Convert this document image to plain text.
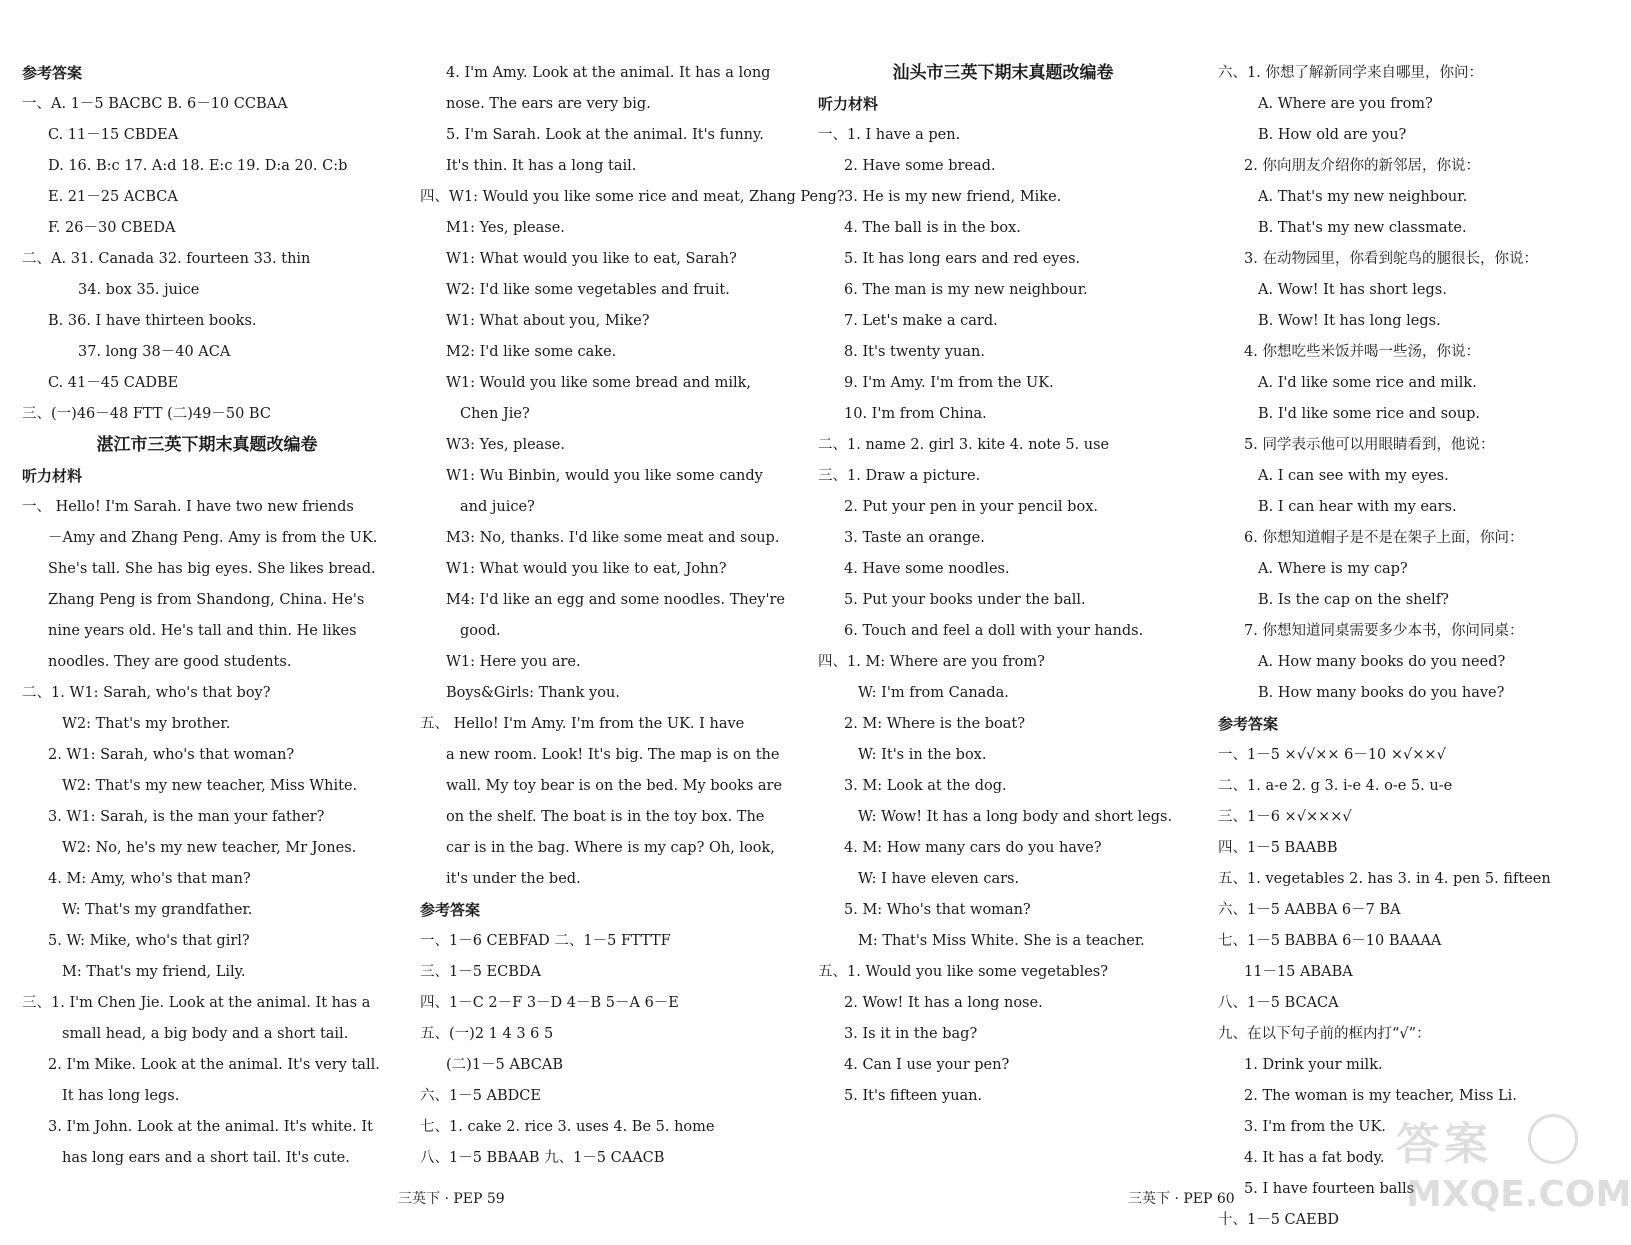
参考答案
一、A. 1－5 BACBC B. 6－10 CCBAA
C. 11－15 CBDEA
D. 16. B:c 17. A:d 18. E:c 19. D:a 20. C:b
E. 21－25 ACBCA
F. 26－30 CBEDA
二、A. 31. Canada 32. fourteen 33. thin
34. box 35. juice
B. 36. I have thirteen books.
37. long 38－40 ACA
C. 41－45 CADBE
三、(一)46－48 FTT (二)49－50 BC
湛江市三英下期末真题改编卷
听力材料
一、 Hello! I'm Sarah. I have two new friends
－Amy and Zhang Peng. Amy is from the UK.
She's tall. She has big eyes. She likes bread.
Zhang Peng is from Shandong, China. He's
nine years old. He's tall and thin. He likes
noodles. They are good students.
二、1. W1: Sarah, who's that boy?
W2: That's my brother.
2. W1: Sarah, who's that woman?
W2: That's my new teacher, Miss White.
3. W1: Sarah, is the man your father?
W2: No, he's my new teacher, Mr Jones.
4. M: Amy, who's that man?
W: That's my grandfather.
5. W: Mike, who's that girl?
M: That's my friend, Lily.
三、1. I'm Chen Jie. Look at the animal. It has a
small head, a big body and a short tail.
2. I'm Mike. Look at the animal. It's very tall.
It has long legs.
3. I'm John. Look at the animal. It's white. It
has long ears and a short tail. It's cute.
4. I'm Amy. Look at the animal. It has a long
nose. The ears are very big.
5. I'm Sarah. Look at the animal. It's funny.
It's thin. It has a long tail.
四、W1: Would you like some rice and meat, Zhang Peng?
M1: Yes, please.
W1: What would you like to eat, Sarah?
W2: I'd like some vegetables and fruit.
W1: What about you, Mike?
M2: I'd like some cake.
W1: Would you like some bread and milk,
Chen Jie?
W3: Yes, please.
W1: Wu Binbin, would you like some candy
and juice?
M3: No, thanks. I'd like some meat and soup.
W1: What would you like to eat, John?
M4: I'd like an egg and some noodles. They're
good.
W1: Here you are.
Boys&Girls: Thank you.
五、 Hello! I'm Amy. I'm from the UK. I have
a new room. Look! It's big. The map is on the
wall. My toy bear is on the bed. My books are
on the shelf. The boat is in the toy box. The
car is in the bag. Where is my cap? Oh, look,
it's under the bed.
参考答案
一、1－6 CEBFAD 二、1－5 FTTTF
三、1－5 ECBDA
四、1－C 2－F 3－D 4－B 5－A 6－E
五、(一)2 1 4 3 6 5
(二)1－5 ABCAB
六、1－5 ABDCE
七、1. cake 2. rice 3. uses 4. Be 5. home
八、1－5 BBAAB 九、1－5 CAACB
汕头市三英下期末真题改编卷
听力材料
一、1. I have a pen.
2. Have some bread.
3. He is my new friend, Mike.
4. The ball is in the box.
5. It has long ears and red eyes.
6. The man is my new neighbour.
7. Let's make a card.
8. It's twenty yuan.
9. I'm Amy. I'm from the UK.
10. I'm from China.
二、1. name 2. girl 3. kite 4. note 5. use
三、1. Draw a picture.
2. Put your pen in your pencil box.
3. Taste an orange.
4. Have some noodles.
5. Put your books under the ball.
6. Touch and feel a doll with your hands.
四、1. M: Where are you from?
W: I'm from Canada.
2. M: Where is the boat?
W: It's in the box.
3. M: Look at the dog.
W: Wow! It has a long body and short legs.
4. M: How many cars do you have?
W: I have eleven cars.
5. M: Who's that woman?
M: That's Miss White. She is a teacher.
五、1. Would you like some vegetables?
2. Wow! It has a long nose.
3. Is it in the bag?
4. Can I use your pen?
5. It's fifteen yuan.
六、1. 你想了解新同学来自哪里，你问：
A. Where are you from?
B. How old are you?
2. 你向朋友介绍你的新邻居，你说：
A. That's my new neighbour.
B. That's my new classmate.
3. 在动物园里，你看到鸵鸟的腿很长，你说：
A. Wow! It has short legs.
B. Wow! It has long legs.
4. 你想吃些米饭并喝一些汤，你说：
A. I'd like some rice and milk.
B. I'd like some rice and soup.
5. 同学表示他可以用眼睛看到，他说：
A. I can see with my eyes.
B. I can hear with my ears.
6. 你想知道帽子是不是在架子上面，你问：
A. Where is my cap?
B. Is the cap on the shelf?
7. 你想知道同桌需要多少本书，你问同桌：
A. How many books do you need?
B. How many books do you have?
参考答案
一、1－5 ×√√×× 6－10 ×√××√
二、1. a-e 2. g 3. i-e 4. o-e 5. u-e
三、1－6 ×√×××√
四、1－5 BAABB
五、1. vegetables 2. has 3. in 4. pen 5. fifteen
六、1－5 AABBA 6－7 BA
七、1－5 BABBA 6－10 BAAAA
11－15 ABABA
八、1－5 BCACA
九、在以下句子前的框内打“√”：
1. Drink your milk.
2. The woman is my teacher, Miss Li.
3. I'm from the UK.
4. It has a fat body.
5. I have fourteen balls
十、1－5 CAEBD
三英下 · PEP 59	三英下 · PEP 60
答案
MXQE.COM
